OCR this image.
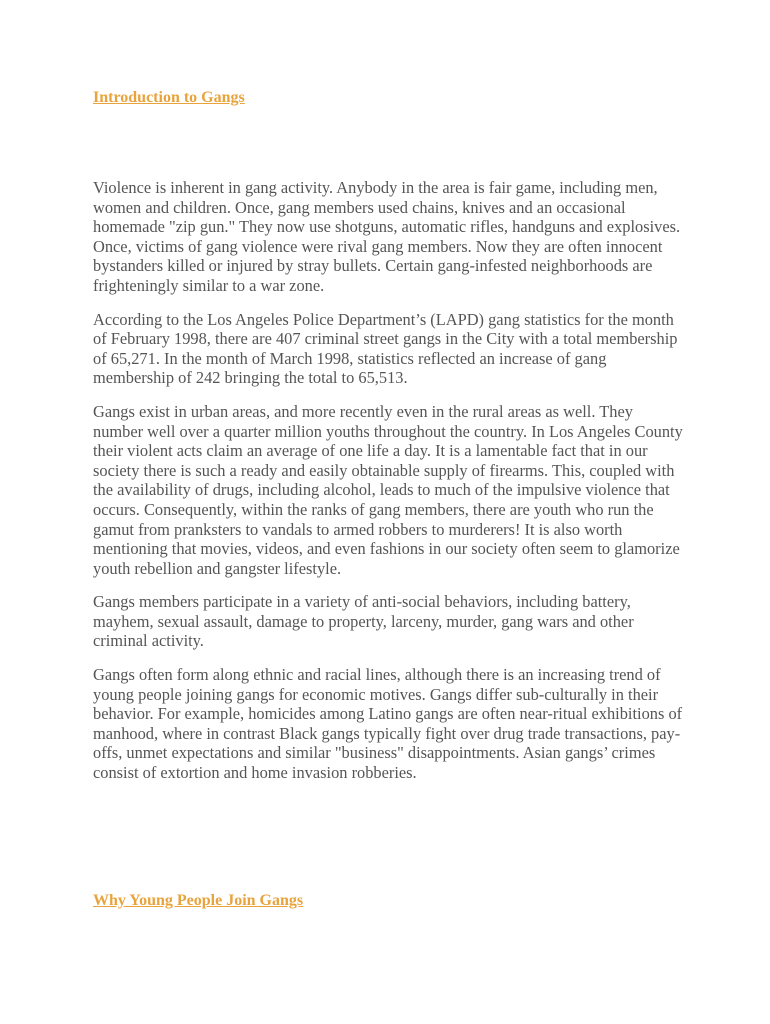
Introduction to Gangs

Violence is inherent in gang activity. Anybody in the area is fair game, including men, women and children. Once, gang members used chains, knives and an occasional homemade "zip gun." They now use shotguns, automatic rifles, handguns and explosives. Once, victims of gang violence were rival gang members. Now they are often innocent bystanders killed or injured by stray bullets. Certain gang-infested neighborhoods are frighteningly similar to a war zone.

According to the Los Angeles Police Department’s (LAPD) gang statistics for the month of February 1998, there are 407 criminal street gangs in the City with a total membership of 65,271. In the month of March 1998, statistics reflected an increase of gang membership of 242 bringing the total to 65,513.

Gangs exist in urban areas, and more recently even in the rural areas as well. They number well over a quarter million youths throughout the country. In Los Angeles County their violent acts claim an average of one life a day. It is a lamentable fact that in our society there is such a ready and easily obtainable supply of firearms. This, coupled with the availability of drugs, including alcohol, leads to much of the impulsive violence that occurs. Consequently, within the ranks of gang members, there are youth who run the gamut from pranksters to vandals to armed robbers to murderers! It is also worth mentioning that movies, videos, and even fashions in our society often seem to glamorize youth rebellion and gangster lifestyle.

Gangs members participate in a variety of anti-social behaviors, including battery, mayhem, sexual assault, damage to property, larceny, murder, gang wars and other criminal activity.

Gangs often form along ethnic and racial lines, although there is an increasing trend of young people joining gangs for economic motives. Gangs differ sub-culturally in their behavior. For example, homicides among Latino gangs are often near-ritual exhibitions of manhood, where in contrast Black gangs typically fight over drug trade transactions, pay-offs, unmet expectations and similar "business" disappointments. Asian gangs’ crimes consist of extortion and home invasion robberies.

Why Young People Join Gangs
